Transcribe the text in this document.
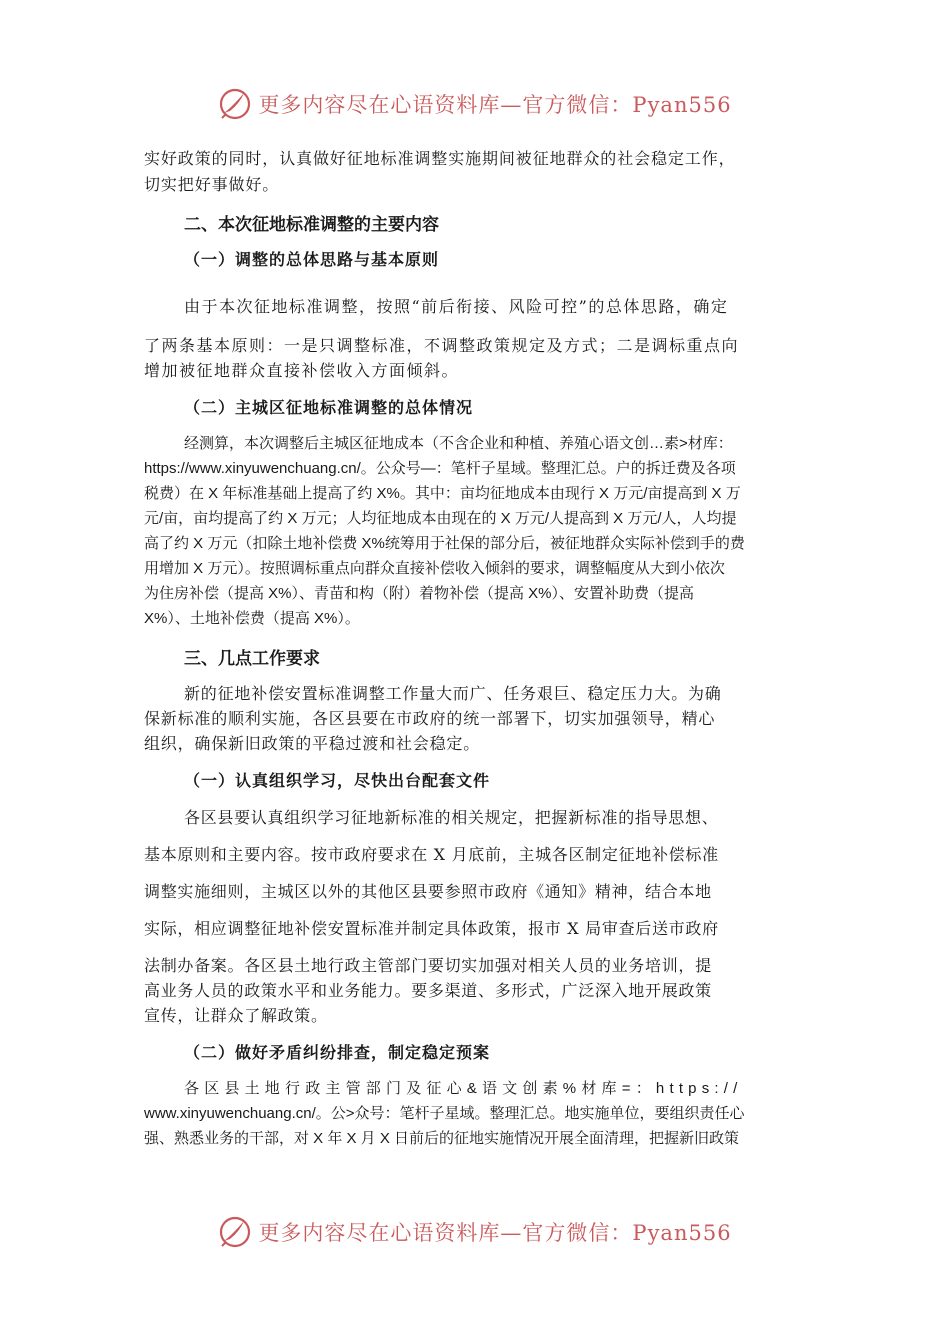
更多内容尽在心语资料库—官方微信：Pyan556
实好政策的同时，认真做好征地标准调整实施期间被征地群众的社会稳定工作，
切实把好事做好。
二、本次征地标准调整的主要内容
（一）调整的总体思路与基本原则
由于本次征地标准调整，按照“前后衔接、风险可控”的总体思路，确定
了两条基本原则：一是只调整标准，不调整政策规定及方式；二是调标重点向
增加被征地群众直接补偿收入方面倾斜。
（二）主城区征地标准调整的总体情况
经测算，本次调整后主城区征地成本（不含企业和种植、养殖心语文创…素>材库：
https://www.xinyuwenchuang.cn/。公众号—：笔杆子星域。整理汇总。户的拆迁费及各项
税费）在 X 年标准基础上提高了约 X%。其中：亩均征地成本由现行 X 万元/亩提高到 X 万
元/亩，亩均提高了约 X 万元；人均征地成本由现在的 X 万元/人提高到 X 万元/人，人均提
高了约 X 万元（扣除土地补偿费 X%统筹用于社保的部分后，被征地群众实际补偿到手的费
用增加 X 万元）。按照调标重点向群众直接补偿收入倾斜的要求，调整幅度从大到小依次
为住房补偿（提高 X%）、青苗和构（附）着物补偿（提高 X%）、安置补助费（提高
X%）、土地补偿费（提高 X%）。
三、几点工作要求
新的征地补偿安置标准调整工作量大而广、任务艰巨、稳定压力大。为确
保新标准的顺利实施，各区县要在市政府的统一部署下，切实加强领导，精心
组织，确保新旧政策的平稳过渡和社会稳定。
（一）认真组织学习，尽快出台配套文件
各区县要认真组织学习征地新标准的相关规定，把握新标准的指导思想、
基本原则和主要内容。按市政府要求在 X 月底前，主城各区制定征地补偿标准
调整实施细则，主城区以外的其他区县要参照市政府《通知》精神，结合本地
实际，相应调整征地补偿安置标准并制定具体政策，报市 X 局审查后送市政府
法制办备案。各区县土地行政主管部门要切实加强对相关人员的业务培训，提
高业务人员的政策水平和业务能力。要多渠道、多形式，广泛深入地开展政策
宣传，让群众了解政策。
（二）做好矛盾纠纷排查，制定稳定预案
各区县土地行政主管部门及征心&语文创素%材库=：https://
www.xinyuwenchuang.cn/。公>众号：笔杆子星域。整理汇总。地实施单位，要组织责任心
强、熟悉业务的干部，对 X 年 X 月 X 日前后的征地实施情况开展全面清理，把握新旧政策
更多内容尽在心语资料库—官方微信：Pyan556
